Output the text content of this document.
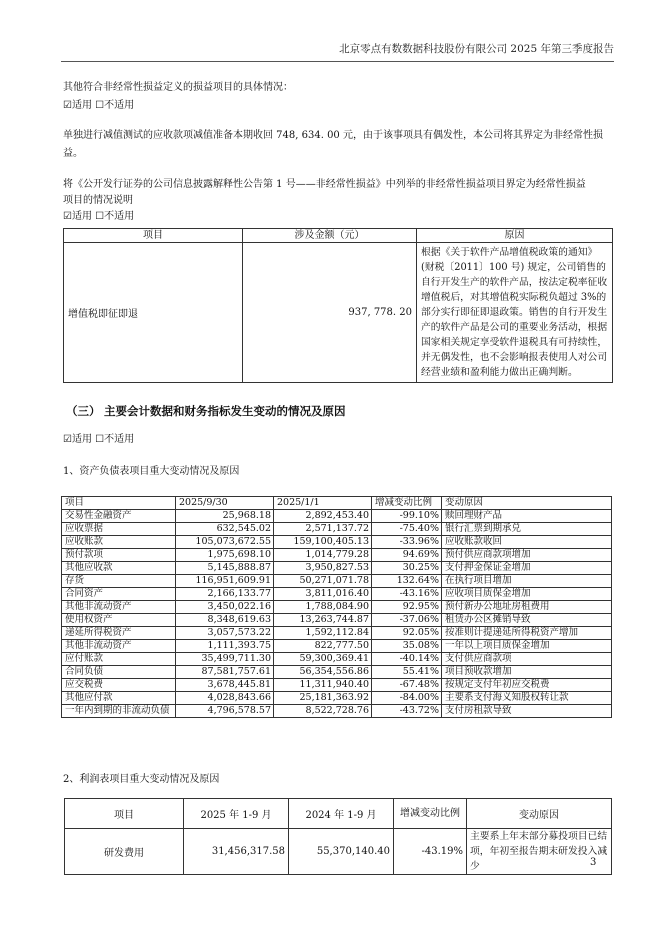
北京零点有数数据科技股份有限公司 2025 年第三季度报告
其他符合非经常性损益定义的损益项目的具体情况：
☑适用 ☐不适用
单独进行减值测试的应收款项减值准备本期收回 748, 634. 00 元，由于该事项具有偶发性，本公司将其界定为非经常性损
益。
将《公开发行证券的公司信息披露解释性公告第 1 号——非经常性损益》中列举的非经常性损益项目界定为经常性损益
项目的情况说明
☑适用 ☐不适用
项目	涉及金额（元）	原因
增值税即征即退	937, 778. 20	根据《关于软件产品增值税政策的通知》(财税〔2011〕100 号) 规定，公司销售的自行开发生产的软件产品，按法定税率征收增值税后，对其增值税实际税负超过 3%的部分实行即征即退政策。销售的自行开发生产的软件产品是公司的重要业务活动，根据国家相关规定享受软件退税具有可持续性，并无偶发性，也不会影响报表使用人对公司经营业绩和盈利能力做出正确判断。
（三） 主要会计数据和财务指标发生变动的情况及原因
☑适用 ☐不适用
1、资产负债表项目重大变动情况及原因
项目	2025/9/30	2025/1/1	增减变动比例	变动原因
交易性金融资产	25,968.18	2,892,453.40	-99.10%	赎回理财产品
应收票据	632,545.02	2,571,137.72	-75.40%	银行汇票到期承兑
应收账款	105,073,672.55	159,100,405.13	-33.96%	应收账款收回
预付款项	1,975,698.10	1,014,779.28	94.69%	预付供应商款项增加
其他应收款	5,145,888.87	3,950,827.53	30.25%	支付押金保证金增加
存货	116,951,609.91	50,271,071.78	132.64%	在执行项目增加
合同资产	2,166,133.77	3,811,016.40	-43.16%	应收项目质保金增加
其他非流动资产	3,450,022.16	1,788,084.90	92.95%	预付新办公地址房租费用
使用权资产	8,348,619.63	13,263,744.87	-37.06%	租赁办公区摊销导致
递延所得税资产	3,057,573.22	1,592,112.84	92.05%	按准则计提递延所得税资产增加
其他非流动资产	1,111,393.75	822,777.50	35.08%	一年以上项目质保金增加
应付账款	35,499,711.30	59,300,369.41	-40.14%	支付供应商款项
合同负债	87,581,757.61	56,354,556.86	55.41%	项目预收款增加
应交税费	3,678,445.81	11,311,940.40	-67.48%	按规定支付年初应交税费
其他应付款	4,028,843.66	25,181,363.92	-84.00%	主要系支付海义知股权转让款
一年内到期的非流动负债	4,796,578.57	8,522,728.76	-43.72%	支付房租款导致
2、利润表项目重大变动情况及原因
项目	2025 年 1-9 月	2024 年 1-9 月	增减变动比例	变动原因
研发费用	31,456,317.58	55,370,140.40	-43.19%	主要系上年末部分募投项目已结项，年初至报告期末研发投入减少	3
